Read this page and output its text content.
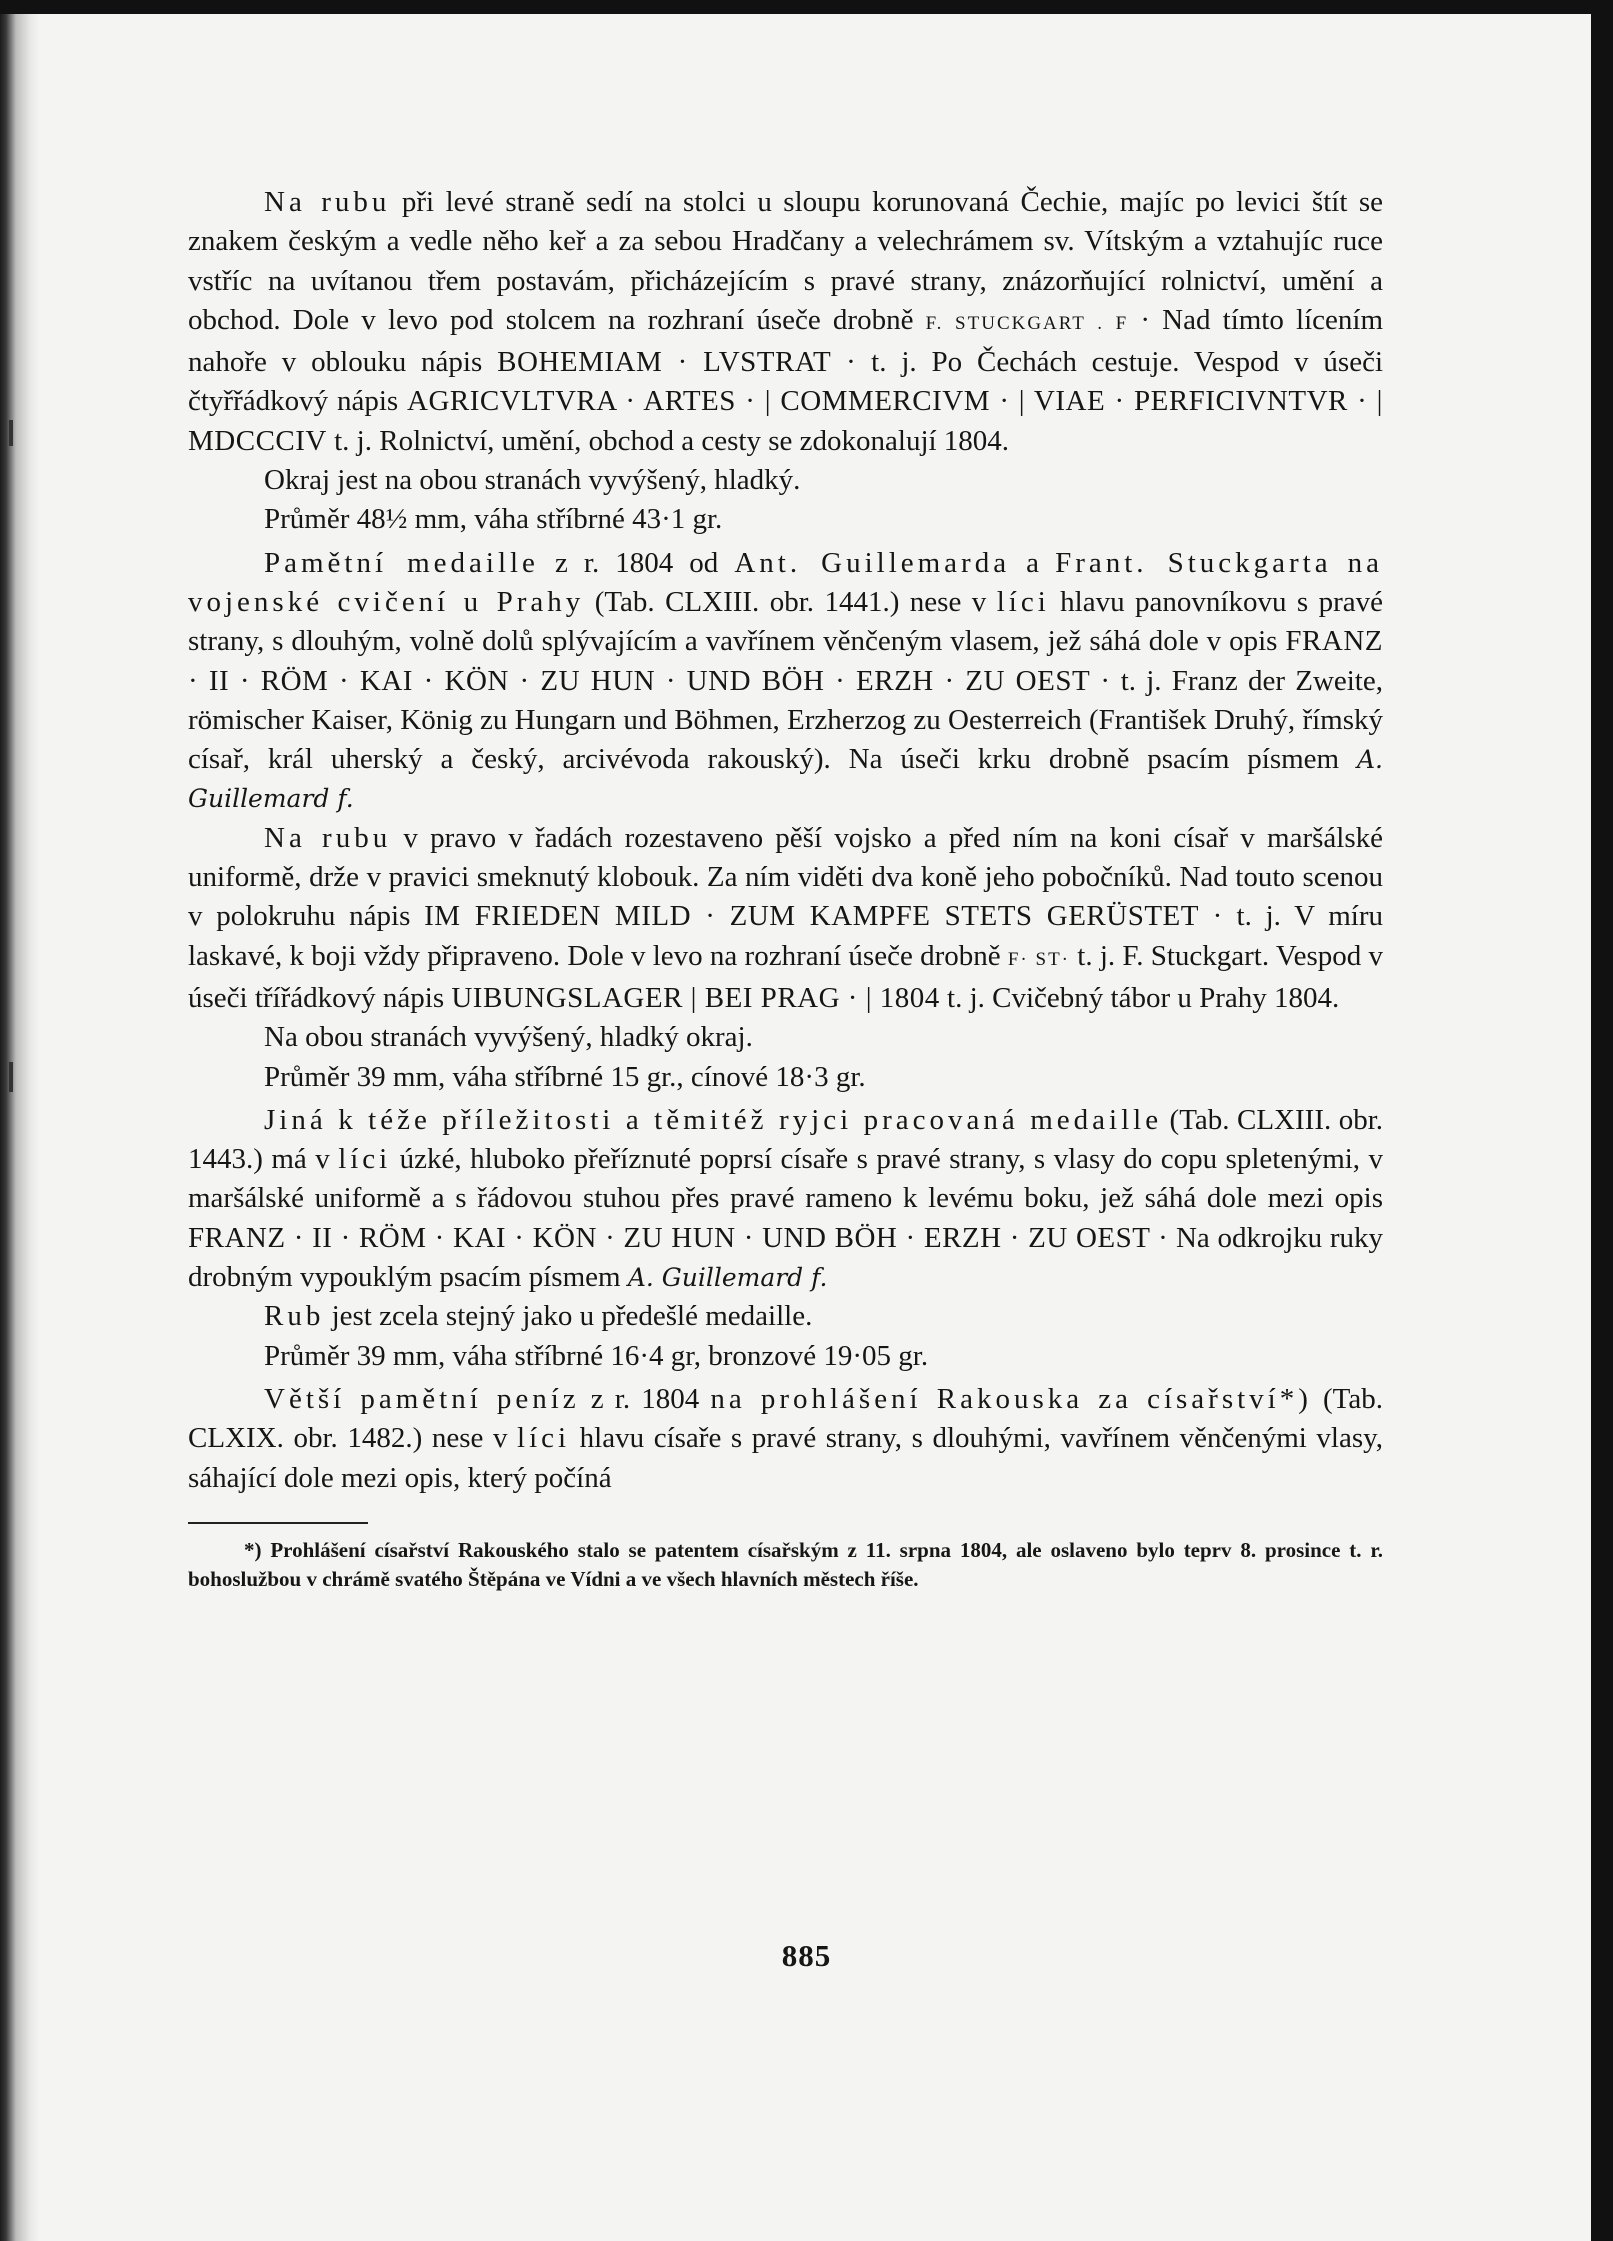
Na rubu při levé straně sedí na stolci u sloupu korunovaná Čechie, majíc po levici štít se znakem českým a vedle něho keř a za sebou Hradčany a velechrámem sv. Vítským a vztahujíc ruce vstříc na uvítanou třem postavám, přicházejícím s pravé strany, znázorňující rolnictví, umění a obchod. Dole v levo pod stolcem na rozhraní úseče drobně F. STUCKGART . F · Nad tímto lícením nahoře v oblouku nápis BOHEMIAM · LVSTRAT · t. j. Po Čechách cestuje. Vespod v úseči čtyřřádkový nápis AGRICVLTVRA · ARTES · | COMMERCIVM · | VIAE · PERFICIVNTVR · | MDCCCIV t. j. Rolnictví, umění, obchod a cesty se zdokonalují 1804.

Okraj jest na obou stranách vyvýšený, hladký.

Průměr 48½ mm, váha stříbrné 43·1 gr.

Pamětní medaille z r. 1804 od Ant. Guillemarda a Frant. Stuckgarta na vojenské cvičení u Prahy (Tab. CLXIII. obr. 1441.) nese v líci hlavu panovníkovu s pravé strany, s dlouhým, volně dolů splývajícím a vavřínem věnčeným vlasem, jež sáhá dole v opis FRANZ · II · RÖM · KAI · KÖN · ZU HUN · UND BÖH · ERZH · ZU OEST · t. j. Franz der Zweite, römischer Kaiser, König zu Hungarn und Böhmen, Erzherzog zu Oesterreich (František Druhý, římský císař, král uherský a český, arcivévoda rakouský). Na úseči krku drobně psacím písmem A. Guillemard f.

Na rubu v pravo v řadách rozestaveno pěší vojsko a před ním na koni císař v maršálské uniformě, drže v pravici smeknutý klobouk. Za ním viděti dva koně jeho pobočníků. Nad touto scenou v polokruhu nápis IM FRIEDEN MILD · ZUM KAMPFE STETS GERÜSTET · t. j. V míru laskavé, k boji vždy připraveno. Dole v levo na rozhraní úseče drobně F· ST· t. j. F. Stuckgart. Vespod v úseči třířádkový nápis UIBUNGSLAGER | BEI PRAG · | 1804 t. j. Cvičebný tábor u Prahy 1804.

Na obou stranách vyvýšený, hladký okraj.

Průměr 39 mm, váha stříbrné 15 gr., cínové 18·3 gr.

Jiná k téže příležitosti a těmitéž ryjci pracovaná medaille (Tab. CLXIII. obr. 1443.) má v líci úzké, hluboko přeříznuté poprsí císaře s pravé strany, s vlasy do copu spletenými, v maršálské uniformě a s řádovou stuhou přes pravé rameno k levému boku, jež sáhá dole mezi opis FRANZ · II · RÖM · KAI · KÖN · ZU HUN · UND BÖH · ERZH · ZU OEST · Na odkrojku ruky drobným vypouklým psacím písmem A. Guillemard f.

Rub jest zcela stejný jako u předešlé medaille.

Průměr 39 mm, váha stříbrné 16·4 gr, bronzové 19·05 gr.

Větší pamětní peníz z r. 1804 na prohlášení Rakouska za císařství*) (Tab. CLXIX. obr. 1482.) nese v líci hlavu císaře s pravé strany, s dlouhými, vavřínem věnčenými vlasy, sáhající dole mezi opis, který počíná

*) Prohlášení císařství Rakouského stalo se patentem císařským z 11. srpna 1804, ale oslaveno bylo teprv 8. prosince t. r. bohoslužbou v chrámě svatého Štěpána ve Vídni a ve všech hlavních městech říše.

885
